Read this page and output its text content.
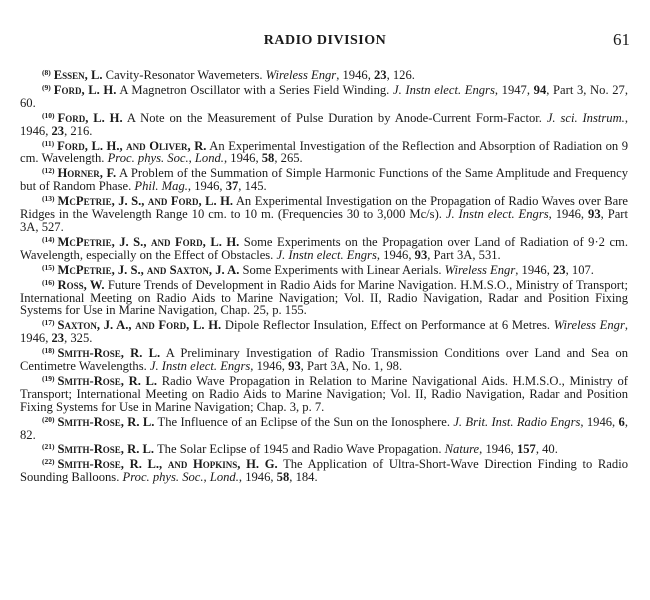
RADIO DIVISION	61

$^{(8)}$ Essen, L. Cavity-Resonator Wavemeters. Wireless Engr, 1946, 23, 126.

$^{(9)}$ Ford, L. H. A Magnetron Oscillator with a Series Field Winding. J. Instn elect. Engrs, 1947, 94, Part 3, No. 27, 60.

$^{(10)}$ Ford, L. H. A Note on the Measurement of Pulse Duration by Anode-Current Form-Factor. J. sci. Instrum., 1946, 23, 216.

$^{(11)}$ Ford, L. H., and Oliver, R. An Experimental Investigation of the Reflection and Absorption of Radiation on 9 cm. Wavelength. Proc. phys. Soc., Lond., 1946, 58, 265.

$^{(12)}$ Horner, F. A Problem of the Summation of Simple Harmonic Functions of the Same Amplitude and Frequency but of Random Phase. Phil. Mag., 1946, 37, 145.

$^{(13)}$ McPetrie, J. S., and Ford, L. H. An Experimental Investigation on the Propagation of Radio Waves over Bare Ridges in the Wavelength Range 10 cm. to 10 m. (Frequencies 30 to 3,000 Mc/s). J. Instn elect. Engrs, 1946, 93, Part 3A, 527.

$^{(14)}$ McPetrie, J. S., and Ford, L. H. Some Experiments on the Propagation over Land of Radiation of 9·2 cm. Wavelength, especially on the Effect of Obstacles. J. Instn elect. Engrs, 1946, 93, Part 3A, 531.

$^{(15)}$ McPetrie, J. S., and Saxton, J. A. Some Experiments with Linear Aerials. Wireless Engr, 1946, 23, 107.

$^{(16)}$ Ross, W. Future Trends of Development in Radio Aids for Marine Navigation. H.M.S.O., Ministry of Transport; International Meeting on Radio Aids to Marine Navigation; Vol. II, Radio Navigation, Radar and Position Fixing Systems for Use in Marine Navigation, Chap. 25, p. 155.

$^{(17)}$ Saxton, J. A., and Ford, L. H. Dipole Reflector Insulation, Effect on Performance at 6 Metres. Wireless Engr, 1946, 23, 325.

$^{(18)}$ Smith-Rose, R. L. A Preliminary Investigation of Radio Transmission Conditions over Land and Sea on Centimetre Wavelengths. J. Instn elect. Engrs, 1946, 93, Part 3A, No. 1, 98.

$^{(19)}$ Smith-Rose, R. L. Radio Wave Propagation in Relation to Marine Navigational Aids. H.M.S.O., Ministry of Transport; International Meeting on Radio Aids to Marine Navigation; Vol. II, Radio Navigation, Radar and Position Fixing Systems for Use in Marine Navigation; Chap. 3, p. 7.

$^{(20)}$ Smith-Rose, R. L. The Influence of an Eclipse of the Sun on the Ionosphere. J. Brit. Inst. Radio Engrs, 1946, 6, 82.

$^{(21)}$ Smith-Rose, R. L. The Solar Eclipse of 1945 and Radio Wave Propagation. Nature, 1946, 157, 40.

$^{(22)}$ Smith-Rose, R. L., and Hopkins, H. G. The Application of Ultra-Short-Wave Direction Finding to Radio Sounding Balloons. Proc. phys. Soc., Lond., 1946, 58, 184.
